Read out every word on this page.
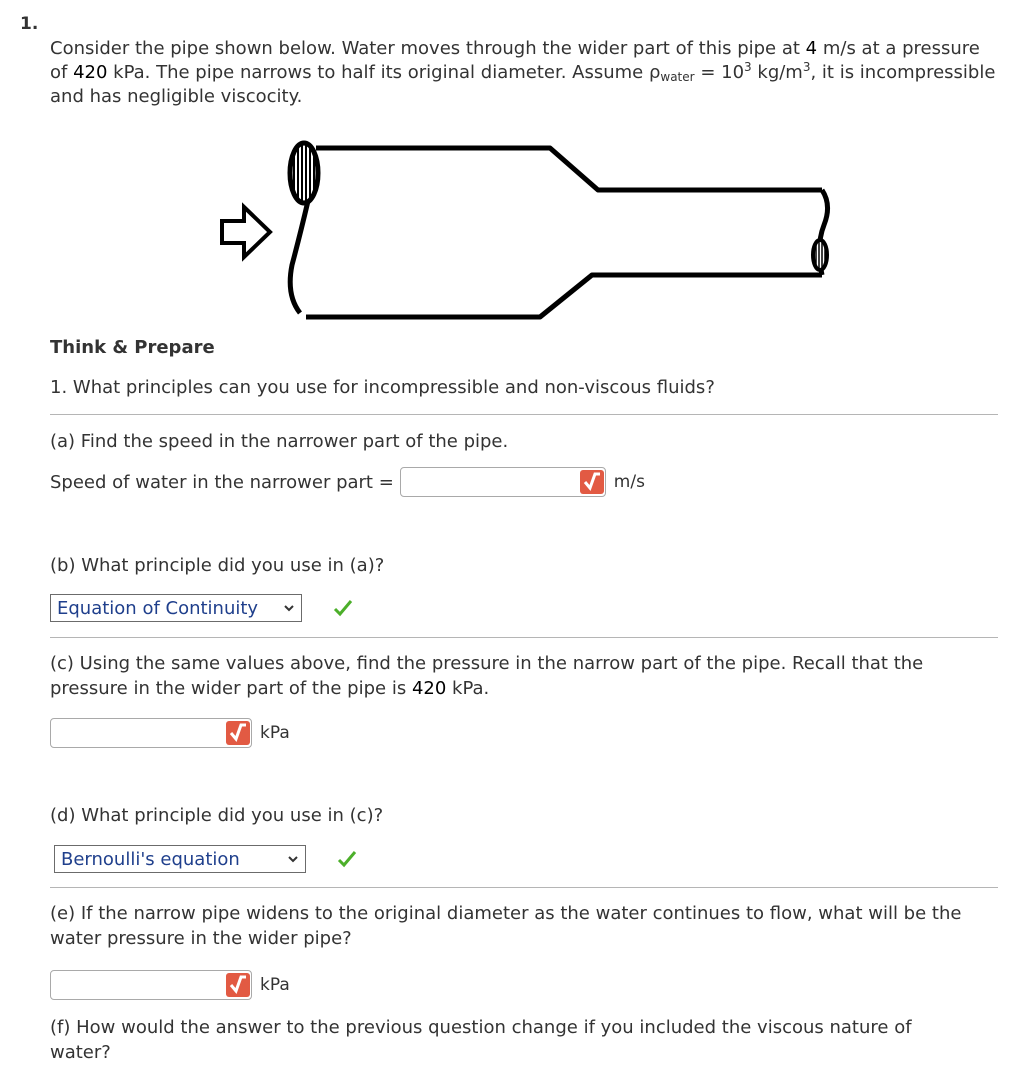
1.

Consider the pipe shown below. Water moves through the wider part of this pipe at 4 m/s at a pressure of 420 kPa. The pipe narrows to half its original diameter. Assume $\rho_{water} = 10^3$ $kg/m^3$, it is incompressible and has negligible viscocity.

Think & Prepare
1. What principles can you use for incompressible and non-viscous fluids?
(a) Find the speed in the narrower part of the pipe.
Speed of water in the narrower part =	m/s
(b) What principle did you use in (a)?
Equation of Continuity
(c) Using the same values above, find the pressure in the narrow part of the pipe. Recall that the
pressure in the wider part of the pipe is 420 kPa.
kPa
(d) What principle did you use in (c)?
Bernoulli's equation
(e) If the narrow pipe widens to the original diameter as the water continues to flow, what will be the
water pressure in the wider pipe?
kPa
(f) How would the answer to the previous question change if you included the viscous nature of
water?
